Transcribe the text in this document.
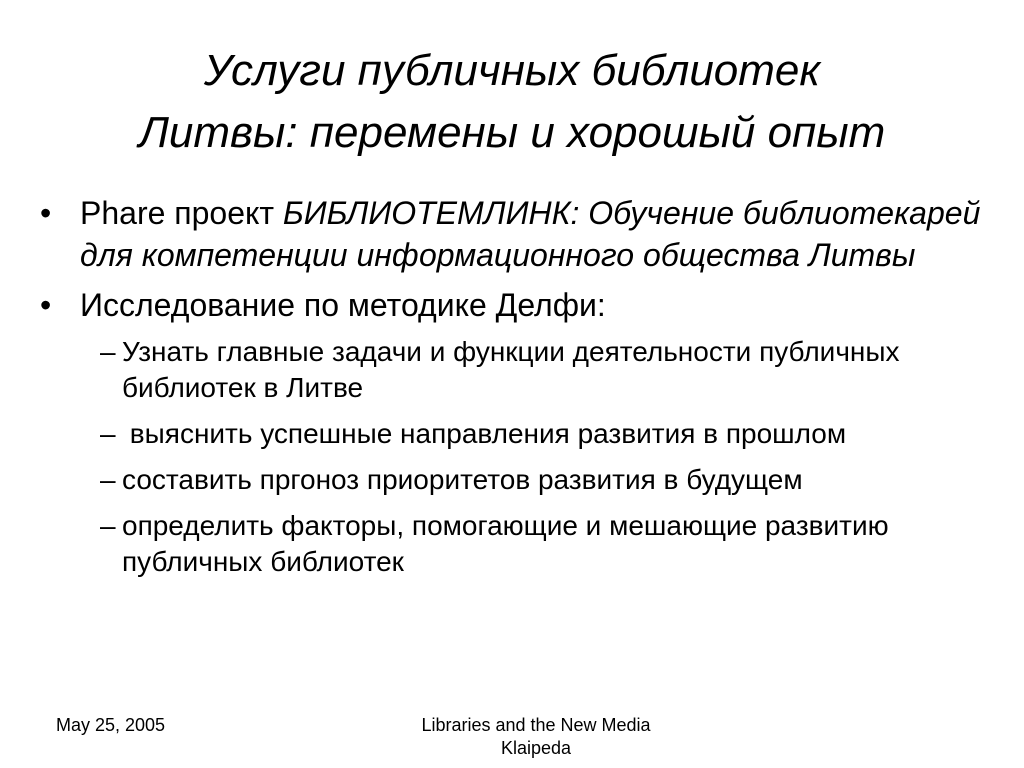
Услуги публичных библиотек
Литвы: перемены и хорошый опыт
• Phare проект БИБЛИОТЕМЛИНК: Обучение библиотекарей для компетенции информационного общества Литвы
• Исследование по методике Делфи:
– Узнать главные задачи и функции деятельности публичных библиотек в Литве
– выяснить успешные направления развития в прошлом
– составить пргоноз приоритетов развития в будущем
– определить факторы, помогающие и мешающие развитию публичных библиотек
May 25, 2005	Libraries and the New Media
Klaipeda
